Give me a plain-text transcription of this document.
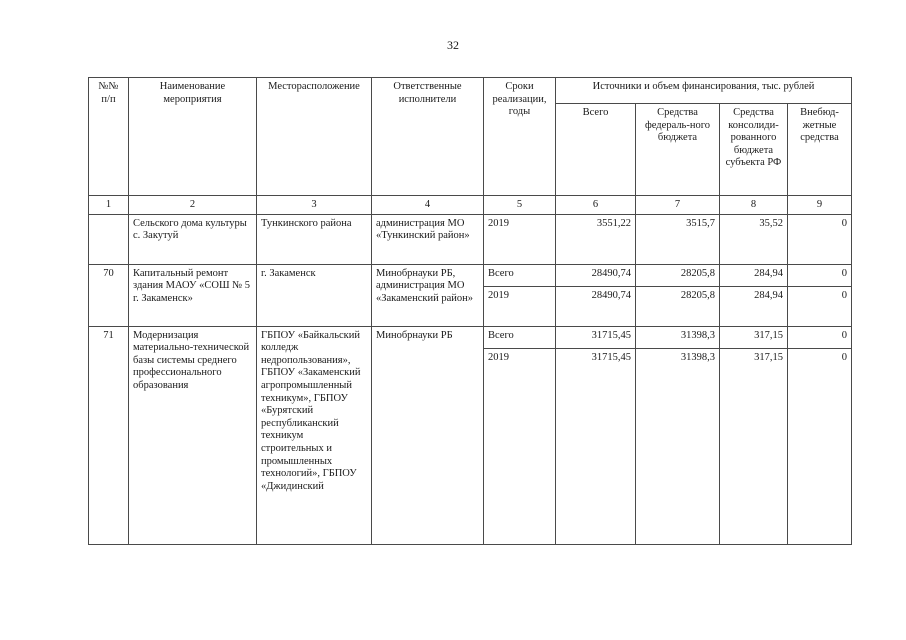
32
№№ п/п	Наименование мероприятия	Месторасположение	Ответственные исполнители	Сроки реализации, годы	Источники и объем финансирования, тыс. рублей			
					Всего	Средства федераль-ного бюджета	Средства консолиди-рованного бюджета субъекта РФ	Внебюд-жетные средства
1	2	3	4	5	6	7	8	9
	Сельского дома культуры с. Закутуй	Тункинского района	администрация МО «Тункинский район»	2019	3551,22	3515,7	35,52	0
70	Капитальный ремонт здания МАОУ «СОШ № 5 г. Закаменск»	г. Закаменск	Минобрнауки РБ, администрация МО «Закаменский район»	Всего	28490,74	28205,8	284,94	0
				2019	28490,74	28205,8	284,94	0
71	Модернизация материально-технической базы системы среднего профессионального образования	ГБПОУ «Байкальский колледж недропользования», ГБПОУ «Закаменский агропромышленный техникум», ГБПОУ «Бурятский республиканский техникум строительных и промышленных технологий», ГБПОУ «Джидинский	Минобрнауки РБ	Всего	31715,45	31398,3	317,15	0
				2019	31715,45	31398,3	317,15	0
